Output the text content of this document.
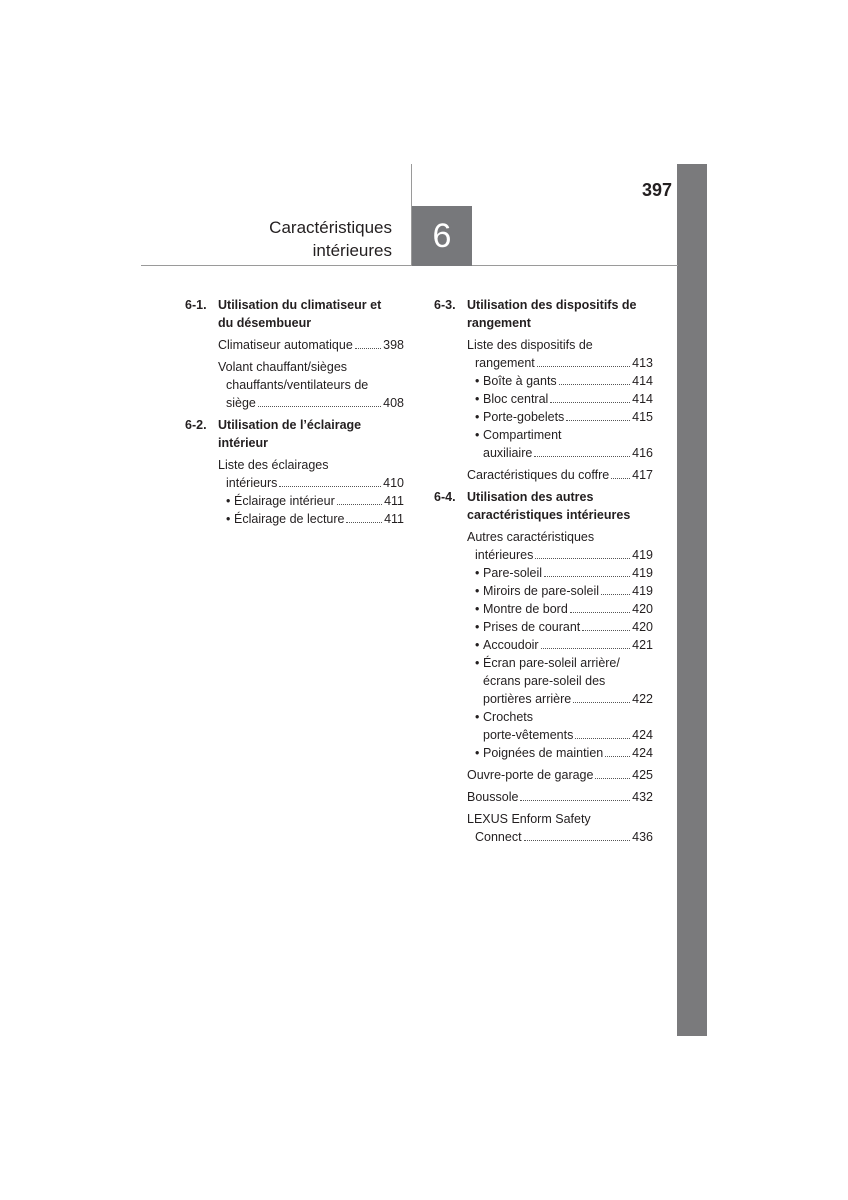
6
397
Caractéristiques
intérieures
6-1. Utilisation du climatiseur et
du désembueur
Climatiseur automatique 398
Volant chauffant/sièges
chauffants/ventilateurs de
siège	408
6-2. Utilisation de l’éclairage
intérieur
Liste des éclairages
intérieurs	410
• Éclairage intérieur	411
• Éclairage de lecture	411
6-3. Utilisation des dispositifs de
rangement
Liste des dispositifs de
rangement	413
• Boîte à gants	414
• Bloc central	414
• Porte-gobelets	415
• Compartiment
auxiliaire	416
Caractéristiques du coffre 417
6-4. Utilisation des autres
caractéristiques intérieures
Autres caractéristiques
intérieures	419
• Pare-soleil	419
• Miroirs de pare-soleil	419
• Montre de bord	420
• Prises de courant	420
• Accoudoir	421
• Écran pare-soleil arrière/
écrans pare-soleil des
portières arrière	422
• Crochets
porte-vêtements	424
• Poignées de maintien 424
Ouvre-porte de garage	425
Boussole	432
LEXUS Enform Safety
Connect	436
